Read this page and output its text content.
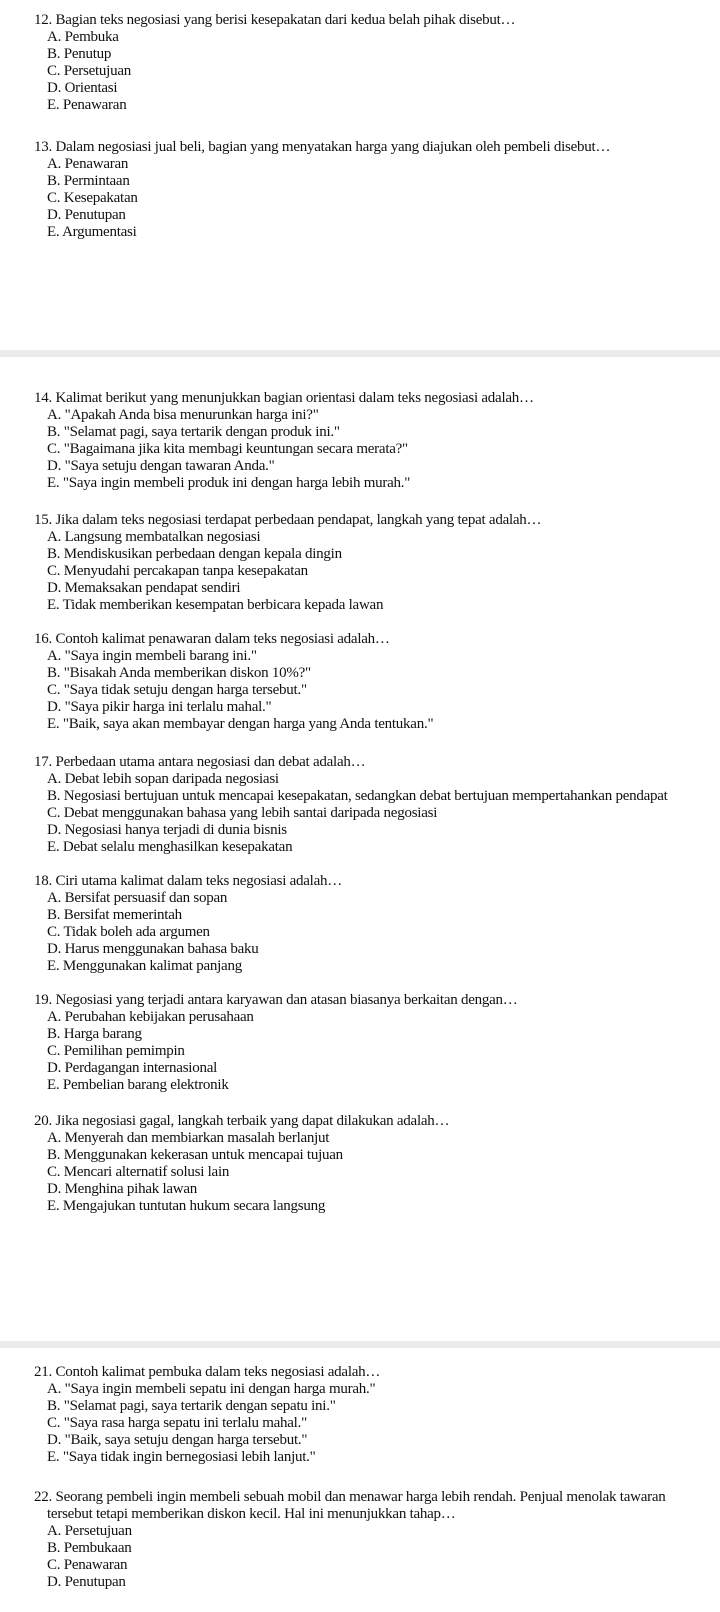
12. Bagian teks negosiasi yang berisi kesepakatan dari kedua belah pihak disebut…
A. Pembuka
B. Penutup
C. Persetujuan
D. Orientasi
E. Penawaran
13. Dalam negosiasi jual beli, bagian yang menyatakan harga yang diajukan oleh pembeli disebut…
A. Penawaran
B. Permintaan
C. Kesepakatan
D. Penutupan
E. Argumentasi
14. Kalimat berikut yang menunjukkan bagian orientasi dalam teks negosiasi adalah…
A. "Apakah Anda bisa menurunkan harga ini?"
B. "Selamat pagi, saya tertarik dengan produk ini."
C. "Bagaimana jika kita membagi keuntungan secara merata?"
D. "Saya setuju dengan tawaran Anda."
E. "Saya ingin membeli produk ini dengan harga lebih murah."
15. Jika dalam teks negosiasi terdapat perbedaan pendapat, langkah yang tepat adalah…
A. Langsung membatalkan negosiasi
B. Mendiskusikan perbedaan dengan kepala dingin
C. Menyudahi percakapan tanpa kesepakatan
D. Memaksakan pendapat sendiri
E. Tidak memberikan kesempatan berbicara kepada lawan
16. Contoh kalimat penawaran dalam teks negosiasi adalah…
A. "Saya ingin membeli barang ini."
B. "Bisakah Anda memberikan diskon 10%?"
C. "Saya tidak setuju dengan harga tersebut."
D. "Saya pikir harga ini terlalu mahal."
E. "Baik, saya akan membayar dengan harga yang Anda tentukan."
17. Perbedaan utama antara negosiasi dan debat adalah…
A. Debat lebih sopan daripada negosiasi
B. Negosiasi bertujuan untuk mencapai kesepakatan, sedangkan debat bertujuan mempertahankan pendapat
C. Debat menggunakan bahasa yang lebih santai daripada negosiasi
D. Negosiasi hanya terjadi di dunia bisnis
E. Debat selalu menghasilkan kesepakatan
18. Ciri utama kalimat dalam teks negosiasi adalah…
A. Bersifat persuasif dan sopan
B. Bersifat memerintah
C. Tidak boleh ada argumen
D. Harus menggunakan bahasa baku
E. Menggunakan kalimat panjang
19. Negosiasi yang terjadi antara karyawan dan atasan biasanya berkaitan dengan…
A. Perubahan kebijakan perusahaan
B. Harga barang
C. Pemilihan pemimpin
D. Perdagangan internasional
E. Pembelian barang elektronik
20. Jika negosiasi gagal, langkah terbaik yang dapat dilakukan adalah…
A. Menyerah dan membiarkan masalah berlanjut
B. Menggunakan kekerasan untuk mencapai tujuan
C. Mencari alternatif solusi lain
D. Menghina pihak lawan
E. Mengajukan tuntutan hukum secara langsung
21. Contoh kalimat pembuka dalam teks negosiasi adalah…
A. "Saya ingin membeli sepatu ini dengan harga murah."
B. "Selamat pagi, saya tertarik dengan sepatu ini."
C. "Saya rasa harga sepatu ini terlalu mahal."
D. "Baik, saya setuju dengan harga tersebut."
E. "Saya tidak ingin bernegosiasi lebih lanjut."
22. Seorang pembeli ingin membeli sebuah mobil dan menawar harga lebih rendah. Penjual menolak tawaran
tersebut tetapi memberikan diskon kecil. Hal ini menunjukkan tahap…
A. Persetujuan
B. Pembukaan
C. Penawaran
D. Penutupan
